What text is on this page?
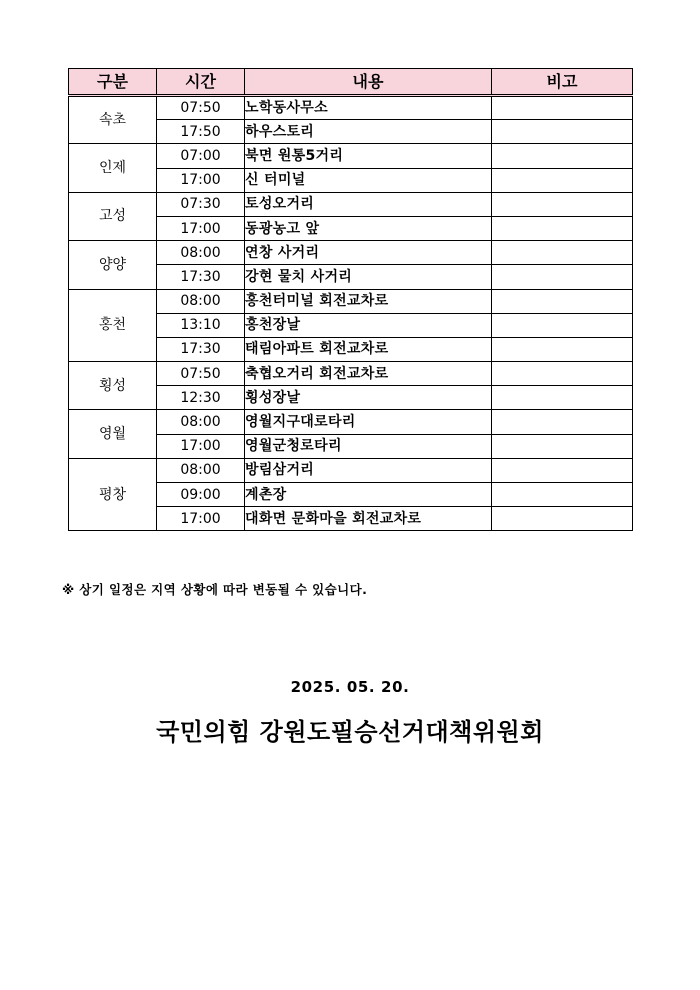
구분	시간	내용	비고
속초	07:50	노학동사무소	
	17:50	하우스토리	
인제	07:00	북면 원통5거리	
	17:00	신 터미널	
고성	07:30	토성오거리	
	17:00	동광농고 앞	
양양	08:00	연창 사거리	
	17:30	강현 물치 사거리	
홍천	08:00	홍천터미널 회전교차로	
	13:10	홍천장날	
	17:30	태림아파트 회전교차로	
횡성	07:50	축협오거리 회전교차로	
	12:30	횡성장날	
영월	08:00	영월지구대로타리	
	17:00	영월군청로타리	
평창	08:00	방림삼거리	
	09:00	계촌장	
	17:00	대화면 문화마을 회전교차로	
※ 상기 일정은 지역 상황에 따라 변동될 수 있습니다.
2025. 05. 20.
국민의힘 강원도필승선거대책위원회
